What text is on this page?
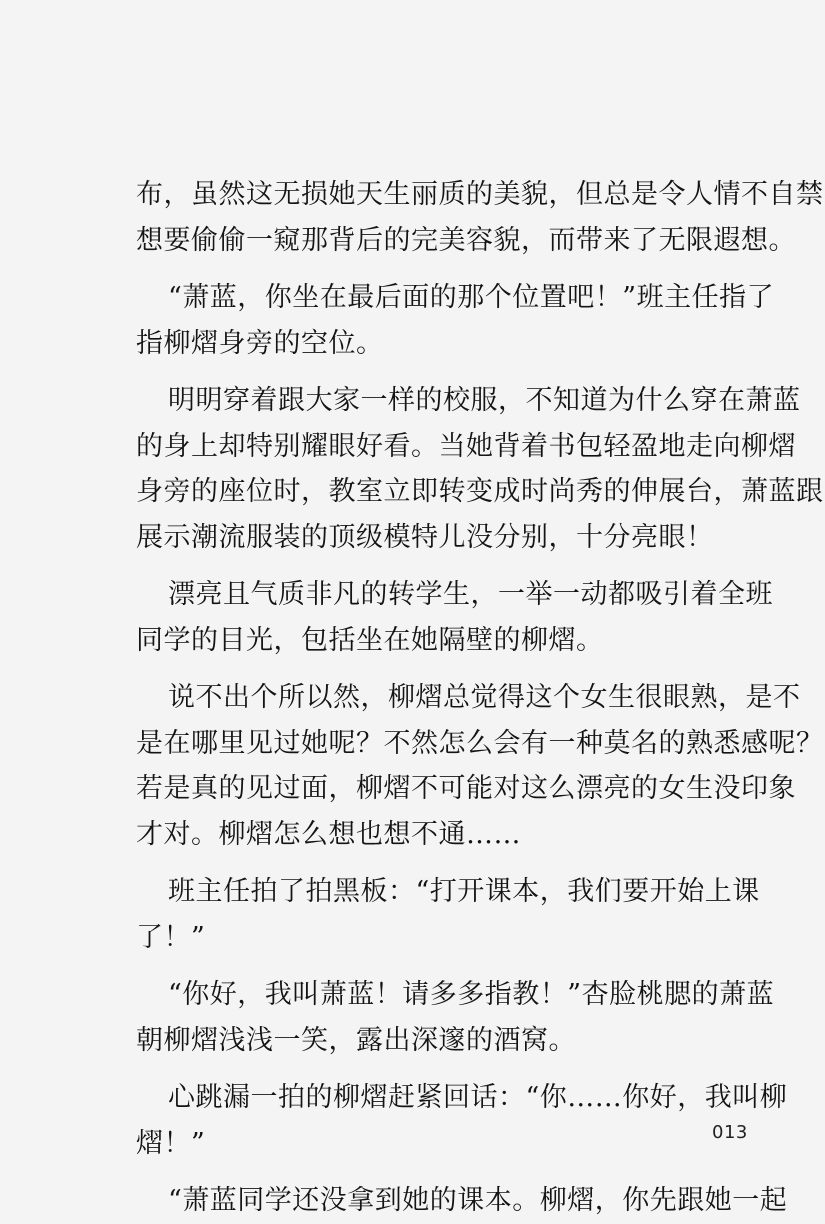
布，虽然这无损她天生丽质的美貌，但总是令人情不自禁
想要偷偷一窥那背后的完美容貌，而带来了无限遐想。
“萧蓝，你坐在最后面的那个位置吧！”班主任指了
指柳熠身旁的空位。
明明穿着跟大家一样的校服，不知道为什么穿在萧蓝
的身上却特别耀眼好看。当她背着书包轻盈地走向柳熠
身旁的座位时，教室立即转变成时尚秀的伸展台，萧蓝跟
展示潮流服装的顶级模特儿没分别，十分亮眼！
漂亮且气质非凡的转学生，一举一动都吸引着全班
同学的目光，包括坐在她隔壁的柳熠。
说不出个所以然，柳熠总觉得这个女生很眼熟，是不
是在哪里见过她呢？不然怎么会有一种莫名的熟悉感呢？
若是真的见过面，柳熠不可能对这么漂亮的女生没印象
才对。柳熠怎么想也想不通……
班主任拍了拍黑板：“打开课本，我们要开始上课
了！”
“你好，我叫萧蓝！请多多指教！”杏脸桃腮的萧蓝
朝柳熠浅浅一笑，露出深邃的酒窝。
心跳漏一拍的柳熠赶紧回话：“你……你好，我叫柳
熠！”
“萧蓝同学还没拿到她的课本。柳熠，你先跟她一起
013
